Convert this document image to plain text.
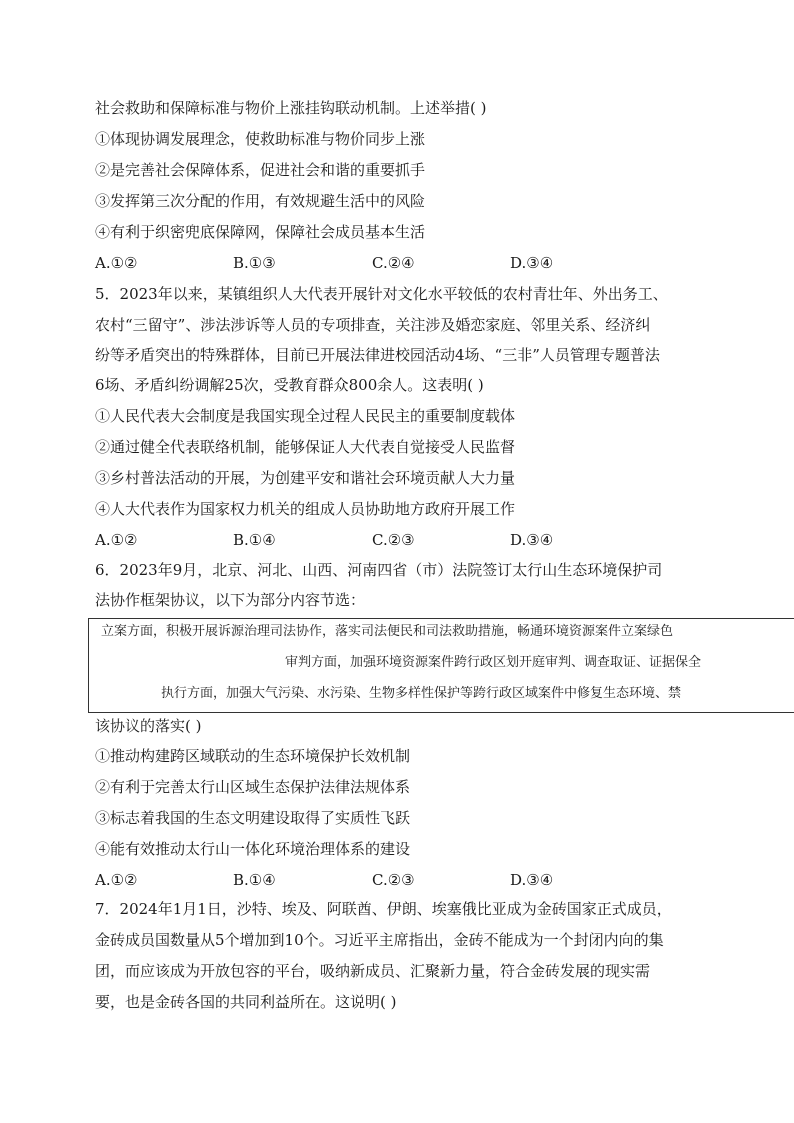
社会救助和保障标准与物价上涨挂钩联动机制。上述举措( )
①体现协调发展理念，使救助标准与物价同步上涨
②是完善社会保障体系，促进社会和谐的重要抓手
③发挥第三次分配的作用，有效规避生活中的风险
④有利于织密兜底保障网，保障社会成员基本生活
A.①②	B.①③	C.②④	D.③④
5．2023年以来，某镇组织人大代表开展针对文化水平较低的农村青壮年、外出务工、
农村“三留守”、涉法涉诉等人员的专项排查，关注涉及婚恋家庭、邻里关系、经济纠
纷等矛盾突出的特殊群体，目前已开展法律进校园活动4场、“三非”人员管理专题普法
6场、矛盾纠纷调解25次，受教育群众800余人。这表明( )
①人民代表大会制度是我国实现全过程人民民主的重要制度载体
②通过健全代表联络机制，能够保证人大代表自觉接受人民监督
③乡村普法活动的开展，为创建平安和谐社会环境贡献人大力量
④人大代表作为国家权力机关的组成人员协助地方政府开展工作
A.①②	B.①④	C.②③	D.③④
6．2023年9月，北京、河北、山西、河南四省（市）法院签订太行山生态环境保护司
法协作框架协议，以下为部分内容节选：
立案方面，积极开展诉源治理司法协作，落实司法便民和司法救助措施，畅通环境资源案件立案绿色
审判方面，加强环境资源案件跨行政区划开庭审判、调查取证、证据保全
执行方面，加强大气污染、水污染、生物多样性保护等跨行政区域案件中修复生态环境、禁
该协议的落实( )
①推动构建跨区域联动的生态环境保护长效机制
②有利于完善太行山区域生态保护法律法规体系
③标志着我国的生态文明建设取得了实质性飞跃
④能有效推动太行山一体化环境治理体系的建设
A.①②	B.①④	C.②③	D.③④
7．2024年1月1日，沙特、埃及、阿联酋、伊朗、埃塞俄比亚成为金砖国家正式成员，
金砖成员国数量从5个增加到10个。习近平主席指出，金砖不能成为一个封闭内向的集
团，而应该成为开放包容的平台，吸纳新成员、汇聚新力量，符合金砖发展的现实需
要，也是金砖各国的共同利益所在。这说明( )
